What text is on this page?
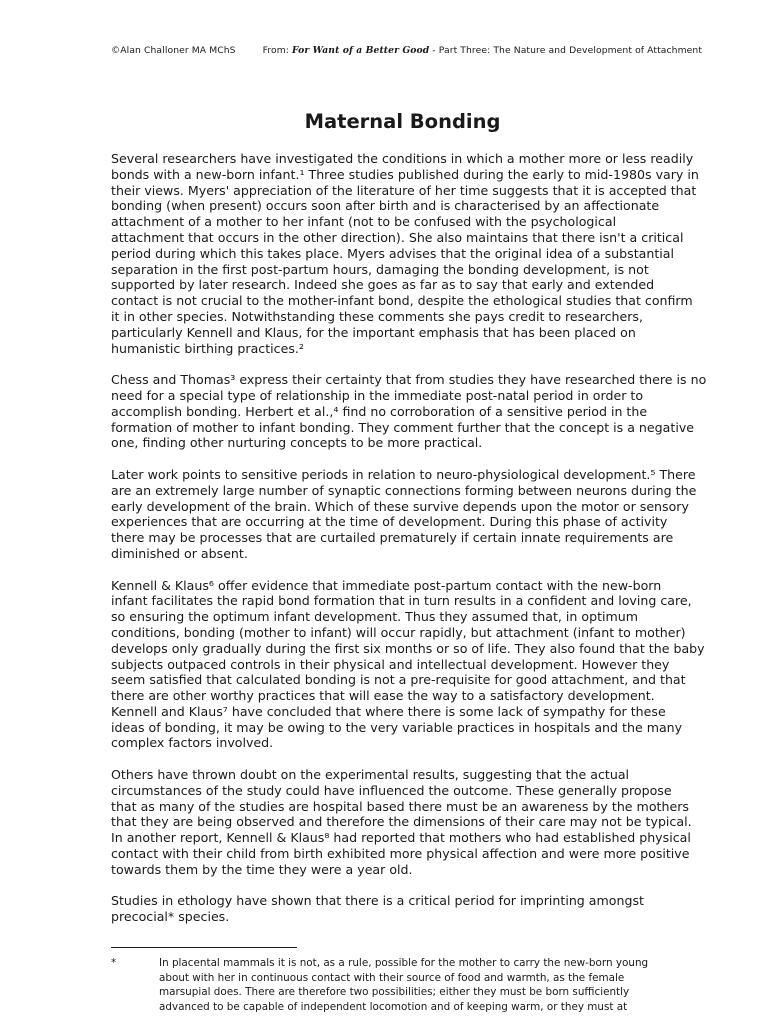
©Alan Challoner MA MChS	From: For Want of a Better Good - Part Three: The Nature and Development of Attachment
Maternal Bonding

Several researchers have investigated the conditions in which a mother more or less readily
bonds with a new-born infant.¹ Three studies published during the early to mid-1980s vary in
their views. Myers' appreciation of the literature of her time suggests that it is accepted that
bonding (when present) occurs soon after birth and is characterised by an affectionate
attachment of a mother to her infant (not to be confused with the psychological
attachment that occurs in the other direction). She also maintains that there isn't a critical
period during which this takes place. Myers advises that the original idea of a substantial
separation in the first post-partum hours, damaging the bonding development, is not
supported by later research. Indeed she goes as far as to say that early and extended
contact is not crucial to the mother-infant bond, despite the ethological studies that confirm
it in other species. Notwithstanding these comments she pays credit to researchers,
particularly Kennell and Klaus, for the important emphasis that has been placed on
humanistic birthing practices.²

Chess and Thomas³ express their certainty that from studies they have researched there is no
need for a special type of relationship in the immediate post-natal period in order to
accomplish bonding. Herbert et al.,⁴ find no corroboration of a sensitive period in the
formation of mother to infant bonding. They comment further that the concept is a negative
one, finding other nurturing concepts to be more practical.

Later work points to sensitive periods in relation to neuro-physiological development.⁵ There
are an extremely large number of synaptic connections forming between neurons during the
early development of the brain. Which of these survive depends upon the motor or sensory
experiences that are occurring at the time of development. During this phase of activity
there may be processes that are curtailed prematurely if certain innate requirements are
diminished or absent.

Kennell & Klaus⁶ offer evidence that immediate post-partum contact with the new-born
infant facilitates the rapid bond formation that in turn results in a confident and loving care,
so ensuring the optimum infant development. Thus they assumed that, in optimum
conditions, bonding (mother to infant) will occur rapidly, but attachment (infant to mother)
develops only gradually during the first six months or so of life. They also found that the baby
subjects outpaced controls in their physical and intellectual development. However they
seem satisfied that calculated bonding is not a pre-requisite for good attachment, and that
there are other worthy practices that will ease the way to a satisfactory development.
Kennell and Klaus⁷ have concluded that where there is some lack of sympathy for these
ideas of bonding, it may be owing to the very variable practices in hospitals and the many
complex factors involved.

Others have thrown doubt on the experimental results, suggesting that the actual
circumstances of the study could have influenced the outcome. These generally propose
that as many of the studies are hospital based there must be an awareness by the mothers
that they are being observed and therefore the dimensions of their care may not be typical.
In another report, Kennell & Klaus⁸ had reported that mothers who had established physical
contact with their child from birth exhibited more physical affection and were more positive
towards them by the time they were a year old.

Studies in ethology have shown that there is a critical period for imprinting amongst
precocial* species.

*	In placental mammals it is not, as a rule, possible for the mother to carry the new-born young
about with her in continuous contact with their source of food and warmth, as the female
marsupial does. There are therefore two possibilities; either they must be born sufficiently
advanced to be capable of independent locomotion and of keeping warm, or they must at
